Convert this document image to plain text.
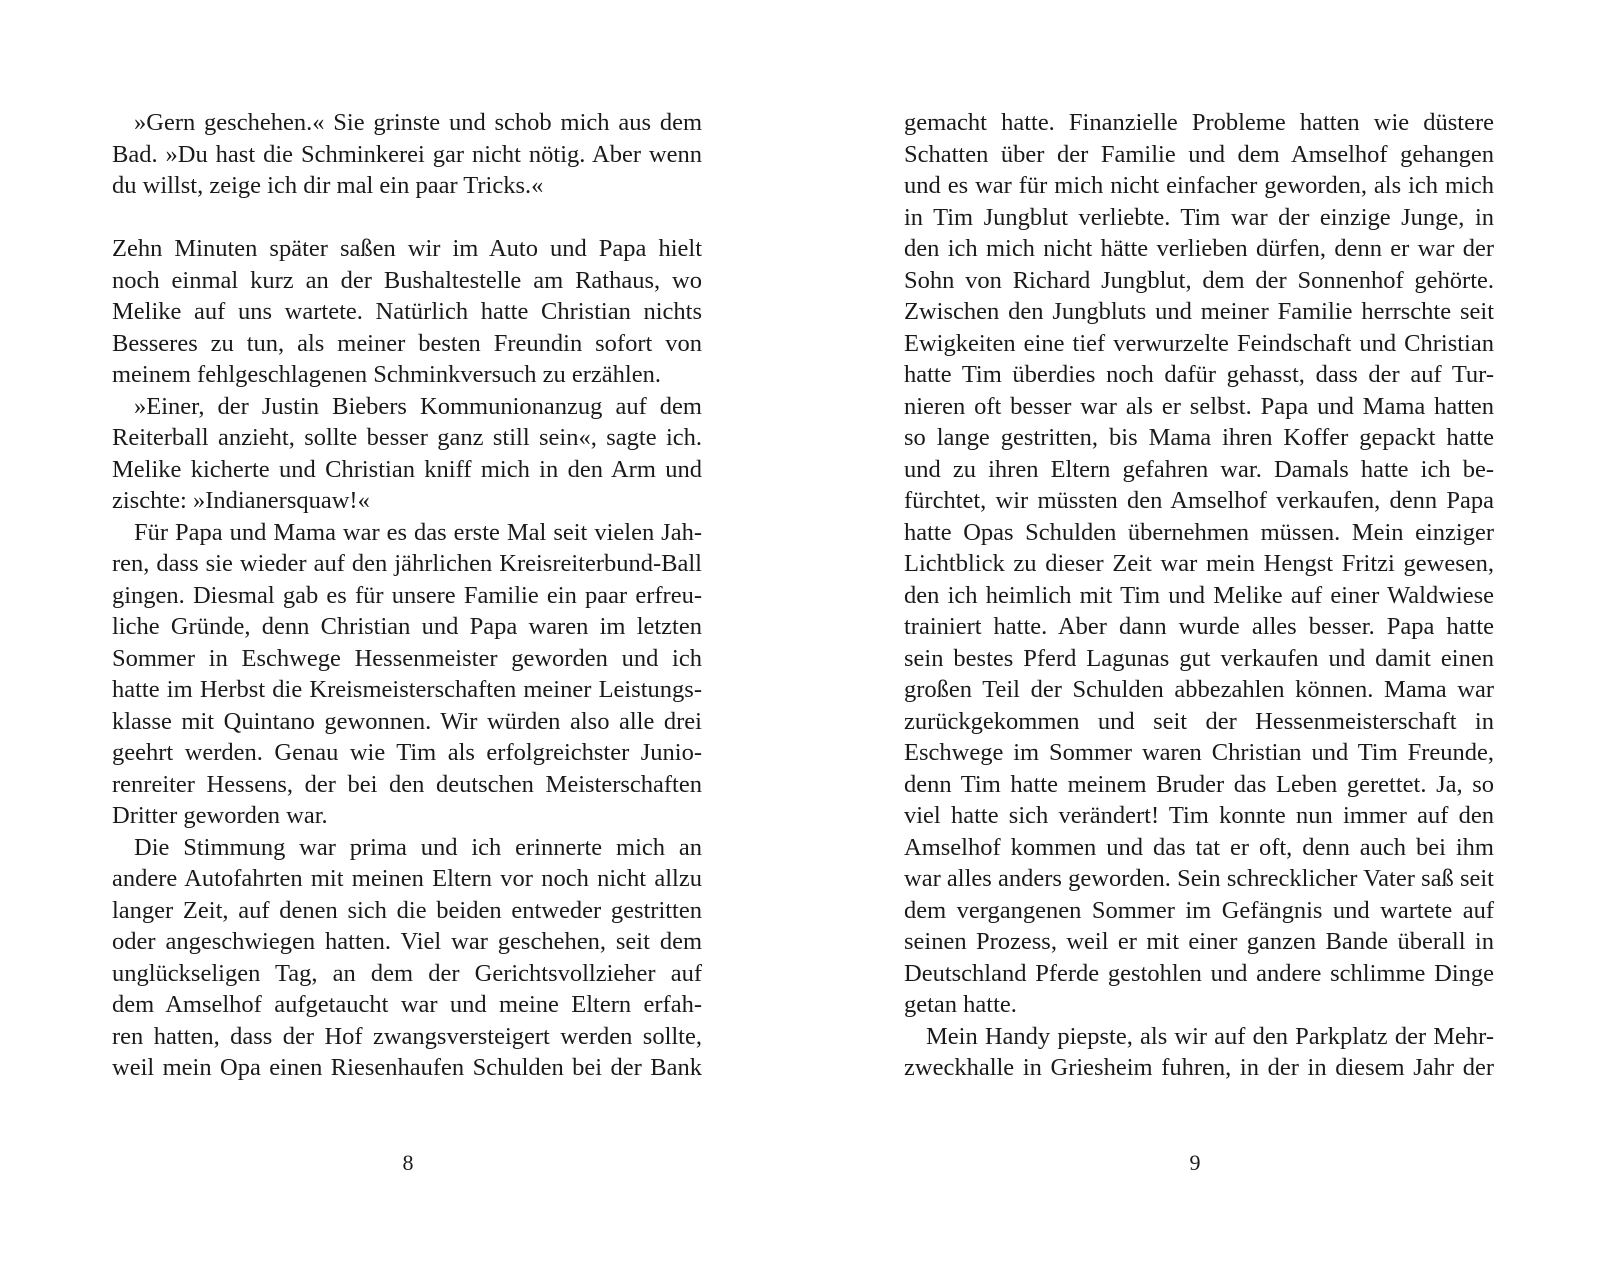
»Gern geschehen.« Sie grinste und schob mich aus dem
Bad. »Du hast die Schminkerei gar nicht nötig. Aber wenn
du willst, zeige ich dir mal ein paar Tricks.«
Zehn Minuten später saßen wir im Auto und Papa hielt
noch einmal kurz an der Bushaltestelle am Rathaus, wo
Melike auf uns wartete. Natürlich hatte Christian nichts
Besseres zu tun, als meiner besten Freundin sofort von
meinem fehlgeschlagenen Schminkversuch zu erzählen.
»Einer, der Justin Biebers Kommunionanzug auf dem
Reiterball anzieht, sollte besser ganz still sein«, sagte ich.
Melike kicherte und Christian kniff mich in den Arm und
zischte: »Indianersquaw!«
Für Papa und Mama war es das erste Mal seit vielen Jah-
ren, dass sie wieder auf den jährlichen Kreisreiterbund-Ball
gingen. Diesmal gab es für unsere Familie ein paar erfreu-
liche Gründe, denn Christian und Papa waren im letzten
Sommer in Eschwege Hessenmeister geworden und ich
hatte im Herbst die Kreismeisterschaften meiner Leistungs-
klasse mit Quintano gewonnen. Wir würden also alle drei
geehrt werden. Genau wie Tim als erfolgreichster Junio-
renreiter Hessens, der bei den deutschen Meisterschaften
Dritter geworden war.
Die Stimmung war prima und ich erinnerte mich an
andere Autofahrten mit meinen Eltern vor noch nicht allzu
langer Zeit, auf denen sich die beiden entweder gestritten
oder angeschwiegen hatten. Viel war geschehen, seit dem
unglückseligen Tag, an dem der Gerichtsvollzieher auf
dem Amselhof aufgetaucht war und meine Eltern erfah-
ren hatten, dass der Hof zwangsversteigert werden sollte,
weil mein Opa einen Riesenhaufen Schulden bei der Bank
8
gemacht hatte. Finanzielle Probleme hatten wie düstere
Schatten über der Familie und dem Amselhof gehangen
und es war für mich nicht einfacher geworden, als ich mich
in Tim Jungblut verliebte. Tim war der einzige Junge, in
den ich mich nicht hätte verlieben dürfen, denn er war der
Sohn von Richard Jungblut, dem der Sonnenhof gehörte.
Zwischen den Jungbluts und meiner Familie herrschte seit
Ewigkeiten eine tief verwurzelte Feindschaft und Christian
hatte Tim überdies noch dafür gehasst, dass der auf Tur-
nieren oft besser war als er selbst. Papa und Mama hatten
so lange gestritten, bis Mama ihren Koffer gepackt hatte
und zu ihren Eltern gefahren war. Damals hatte ich be-
fürchtet, wir müssten den Amselhof verkaufen, denn Papa
hatte Opas Schulden übernehmen müssen. Mein einziger
Lichtblick zu dieser Zeit war mein Hengst Fritzi gewesen,
den ich heimlich mit Tim und Melike auf einer Waldwiese
trainiert hatte. Aber dann wurde alles besser. Papa hatte
sein bestes Pferd Lagunas gut verkaufen und damit einen
großen Teil der Schulden abbezahlen können. Mama war
zurückgekommen und seit der Hessenmeisterschaft in
Eschwege im Sommer waren Christian und Tim Freunde,
denn Tim hatte meinem Bruder das Leben gerettet. Ja, so
viel hatte sich verändert! Tim konnte nun immer auf den
Amselhof kommen und das tat er oft, denn auch bei ihm
war alles anders geworden. Sein schrecklicher Vater saß seit
dem vergangenen Sommer im Gefängnis und wartete auf
seinen Prozess, weil er mit einer ganzen Bande überall in
Deutschland Pferde gestohlen und andere schlimme Dinge
getan hatte.
Mein Handy piepste, als wir auf den Parkplatz der Mehr-
zweckhalle in Griesheim fuhren, in der in diesem Jahr der
9
